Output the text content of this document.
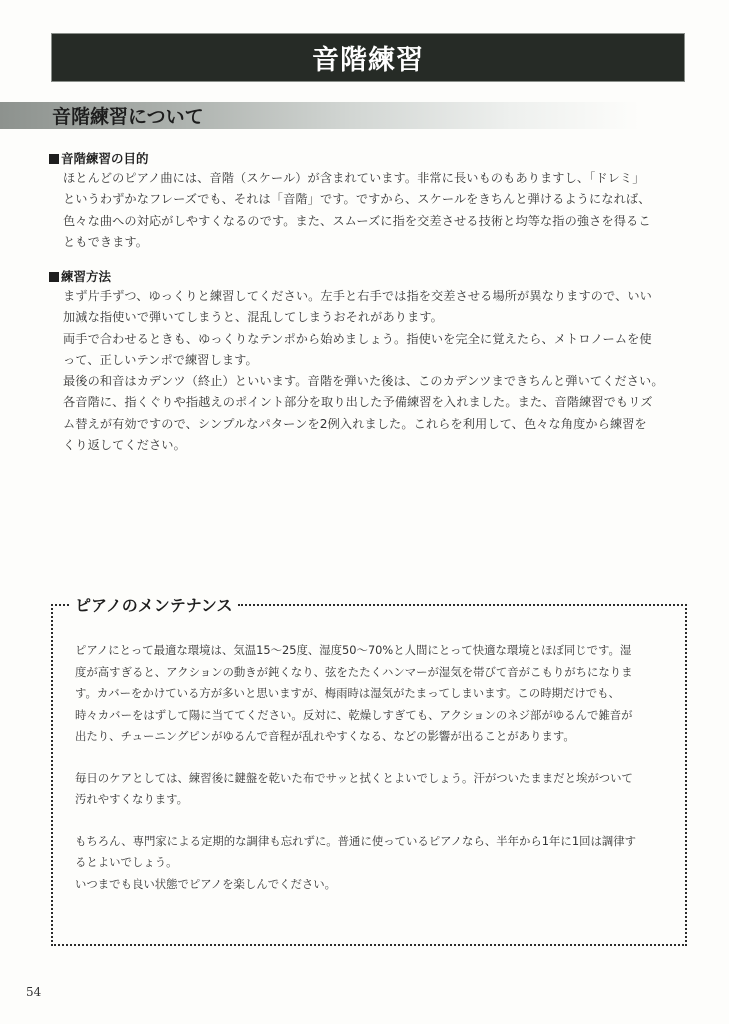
音階練習
音階練習について
音階練習の目的

ほとんどのピアノ曲には、音階（スケール）が含まれています。非常に長いものもありますし、「ドレミ」

というわずかなフレーズでも、それは「音階」です。ですから、スケールをきちんと弾けるようになれば、

色々な曲への対応がしやすくなるのです。また、スムーズに指を交差させる技術と均等な指の強さを得るこ

ともできます。

練習方法

まず片手ずつ、ゆっくりと練習してください。左手と右手では指を交差させる場所が異なりますので、いい

加減な指使いで弾いてしまうと、混乱してしまうおそれがあります。

両手で合わせるときも、ゆっくりなテンポから始めましょう。指使いを完全に覚えたら、メトロノームを使

って、正しいテンポで練習します。

最後の和音はカデンツ（終止）といいます。音階を弾いた後は、このカデンツまできちんと弾いてください。

各音階に、指くぐりや指越えのポイント部分を取り出した予備練習を入れました。また、音階練習でもリズ

ム替えが有効ですので、シンプルなパターンを2例入れました。これらを利用して、色々な角度から練習を

くり返してください。

ピアノのメンテナンス

ピアノにとって最適な環境は、気温15〜25度、湿度50〜70%と人間にとって快適な環境とほぼ同じです。湿
度が高すぎると、アクションの動きが鈍くなり、弦をたたくハンマーが湿気を帯びて音がこもりがちになりま
す。カバーをかけている方が多いと思いますが、梅雨時は湿気がたまってしまいます。この時期だけでも、
時々カバーをはずして陽に当ててください。反対に、乾燥しすぎても、アクションのネジ部がゆるんで雑音が
出たり、チューニングピンがゆるんで音程が乱れやすくなる、などの影響が出ることがあります。

毎日のケアとしては、練習後に鍵盤を乾いた布でサッと拭くとよいでしょう。汗がついたままだと埃がついて
汚れやすくなります。

もちろん、専門家による定期的な調律も忘れずに。普通に使っているピアノなら、半年から1年に1回は調律す
るとよいでしょう。
いつまでも良い状態でピアノを楽しんでください。

54
